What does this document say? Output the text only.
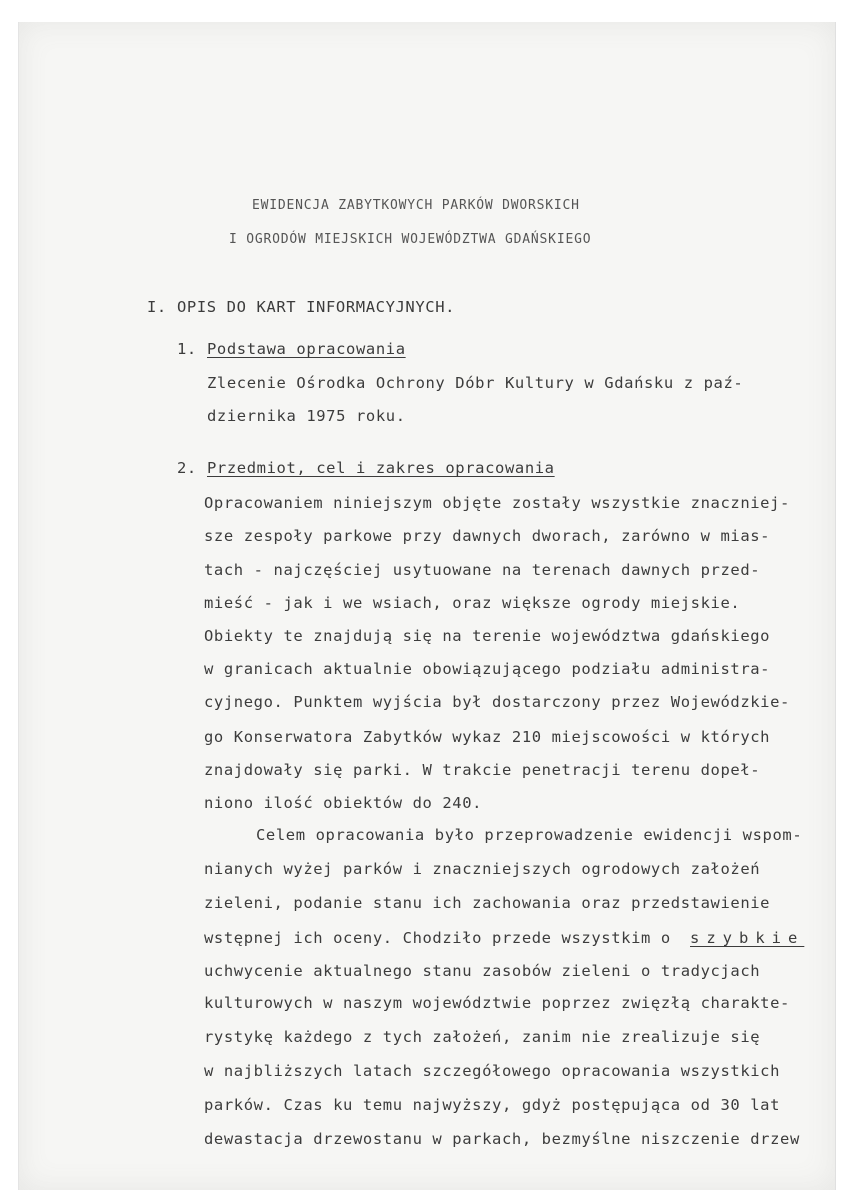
EWIDENCJA ZABYTKOWYCH PARKÓW DWORSKICH
I OGRODÓW MIEJSKICH WOJEWÓDZTWA GDAŃSKIEGO
I. OPIS DO KART INFORMACYJNYCH.
1. Podstawa opracowania
Zlecenie Ośrodka Ochrony Dóbr Kultury w Gdańsku z paź-
dziernika 1975 roku.
2. Przedmiot, cel i zakres opracowania
Opracowaniem niniejszym objęte zostały wszystkie znaczniej-
sze zespoły parkowe przy dawnych dworach, zarówno w mias-
tach - najczęściej usytuowane na terenach dawnych przed-
mieść - jak i we wsiach, oraz większe ogrody miejskie.
Obiekty te znajdują się na terenie województwa gdańskiego
w granicach aktualnie obowiązującego podziału administra-
cyjnego. Punktem wyjścia był dostarczony przez Wojewódzkie-
go Konserwatora Zabytków wykaz 210 miejscowości w których
znajdowały się parki. W trakcie penetracji terenu dopeł-
niono ilość obiektów do 240.
Celem opracowania było przeprowadzenie ewidencji wspom-
nianych wyżej parków i znaczniejszych ogrodowych założeń
zieleni, podanie stanu ich zachowania oraz przedstawienie
wstępnej ich oceny. Chodziło przede wszystkim o szybkie
uchwycenie aktualnego stanu zasobów zieleni o tradycjach
kulturowych w naszym województwie poprzez zwięzłą charakte-
rystykę każdego z tych założeń, zanim nie zrealizuje się
w najbliższych latach szczegółowego opracowania wszystkich
parków. Czas ku temu najwyższy, gdyż postępująca od 30 lat
dewastacja drzewostanu w parkach, bezmyślne niszczenie drzew
